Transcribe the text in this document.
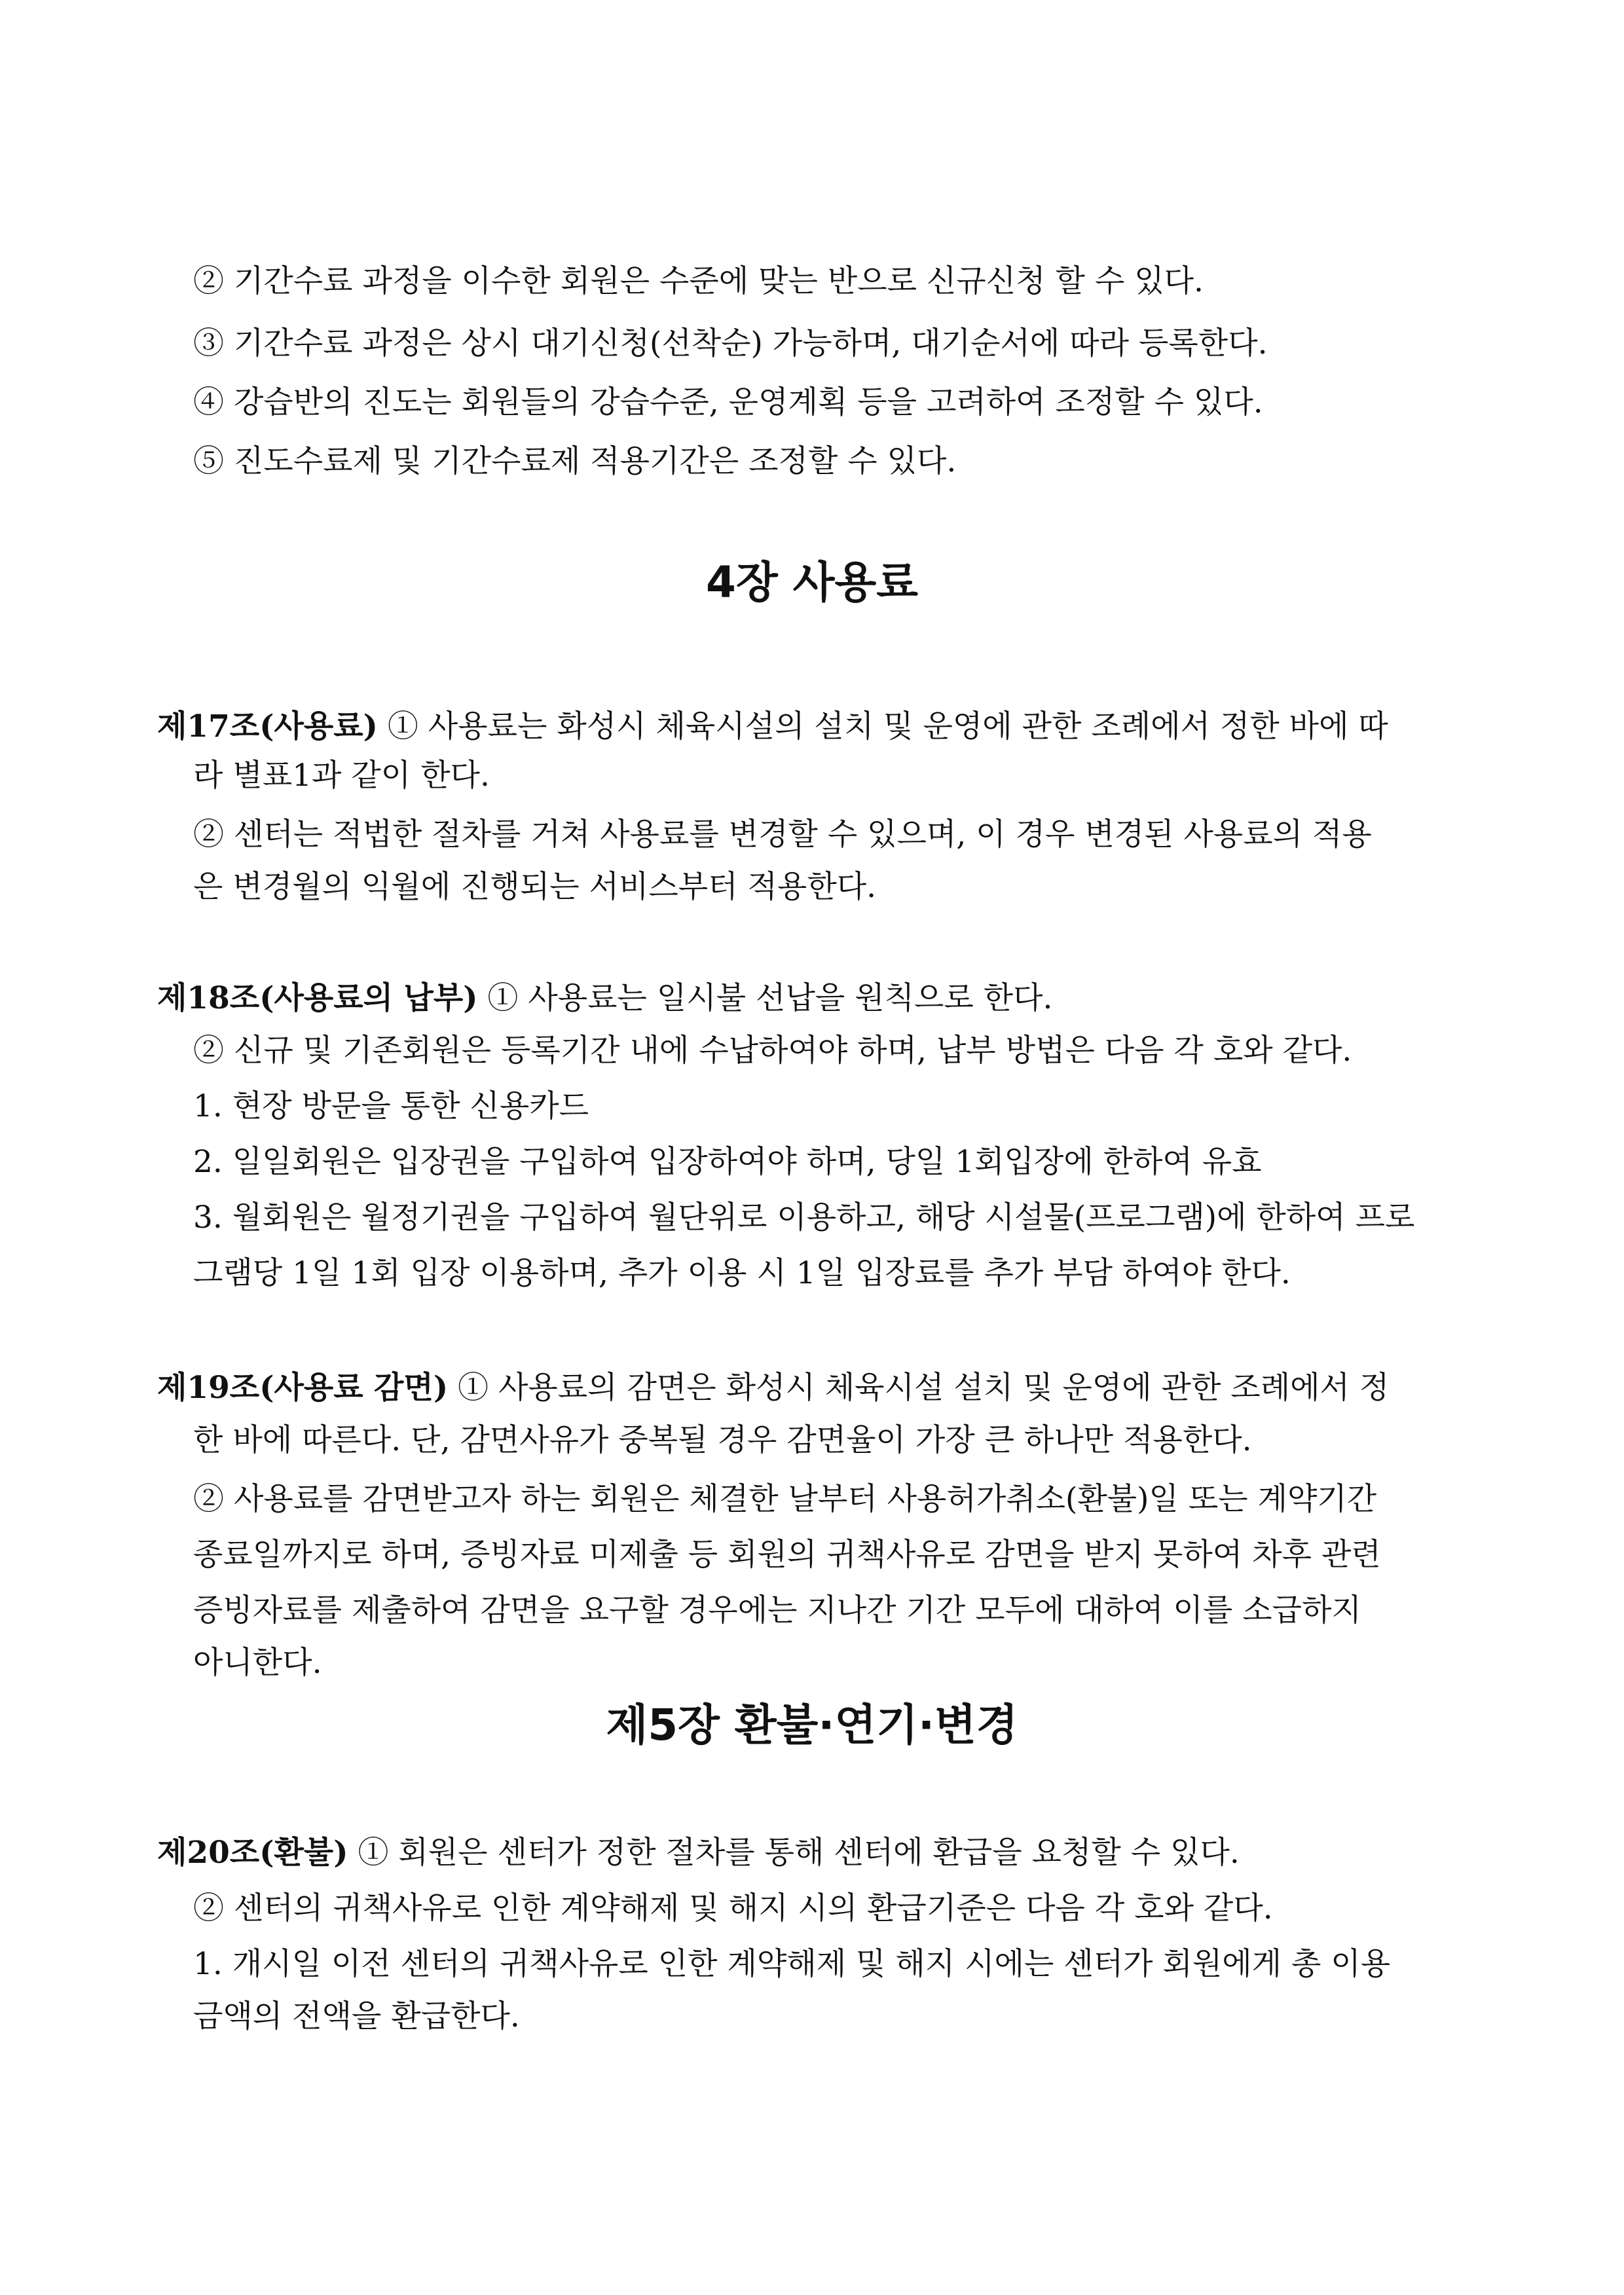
② 기간수료 과정을 이수한 회원은 수준에 맞는 반으로 신규신청 할 수 있다.
③ 기간수료 과정은 상시 대기신청(선착순) 가능하며, 대기순서에 따라 등록한다.
④ 강습반의 진도는 회원들의 강습수준, 운영계획 등을 고려하여 조정할 수 있다.
⑤ 진도수료제 및 기간수료제 적용기간은 조정할 수 있다.
4장 사용료
제17조(사용료) ① 사용료는 화성시 체육시설의 설치 및 운영에 관한 조례에서 정한 바에 따
라 별표1과 같이 한다.
② 센터는 적법한 절차를 거쳐 사용료를 변경할 수 있으며, 이 경우 변경된 사용료의 적용
은 변경월의 익월에 진행되는 서비스부터 적용한다.
제18조(사용료의 납부) ① 사용료는 일시불 선납을 원칙으로 한다.
② 신규 및 기존회원은 등록기간 내에 수납하여야 하며, 납부 방법은 다음 각 호와 같다.
1. 현장 방문을 통한 신용카드
2. 일일회원은 입장권을 구입하여 입장하여야 하며, 당일 1회입장에 한하여 유효
3. 월회원은 월정기권을 구입하여 월단위로 이용하고, 해당 시설물(프로그램)에 한하여 프로
그램당 1일 1회 입장 이용하며, 추가 이용 시 1일 입장료를 추가 부담 하여야 한다.
제19조(사용료 감면) ① 사용료의 감면은 화성시 체육시설 설치 및 운영에 관한 조례에서 정
한 바에 따른다. 단, 감면사유가 중복될 경우 감면율이 가장 큰 하나만 적용한다.
② 사용료를 감면받고자 하는 회원은 체결한 날부터 사용허가취소(환불)일 또는 계약기간
종료일까지로 하며, 증빙자료 미제출 등 회원의 귀책사유로 감면을 받지 못하여 차후 관련
증빙자료를 제출하여 감면을 요구할 경우에는 지나간 기간 모두에 대하여 이를 소급하지
아니한다.
제5장 환불·연기·변경
제20조(환불) ① 회원은 센터가 정한 절차를 통해 센터에 환급을 요청할 수 있다.
② 센터의 귀책사유로 인한 계약해제 및 해지 시의 환급기준은 다음 각 호와 같다.
1. 개시일 이전 센터의 귀책사유로 인한 계약해제 및 해지 시에는 센터가 회원에게 총 이용
금액의 전액을 환급한다.
